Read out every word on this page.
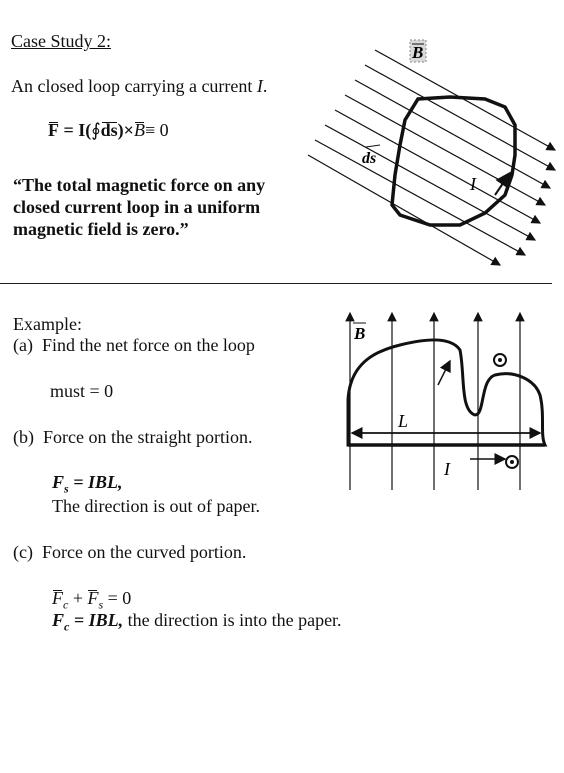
Case Study 2:
An closed loop carrying a current I.
F = I(∮ds)×B≡ 0
“The total magnetic force on any
closed current loop in a uniform
magnetic field is zero.”
I
ds
B
Example:
(a) Find the net force on the loop
must = 0
(b) Force on the straight portion.
$F_s$ = IBL,
The direction is out of paper.
(c) Force on the curved portion.
$F_c + F_s = 0$
$F_c$ = IBL, the direction is into the paper.
L
I
B
